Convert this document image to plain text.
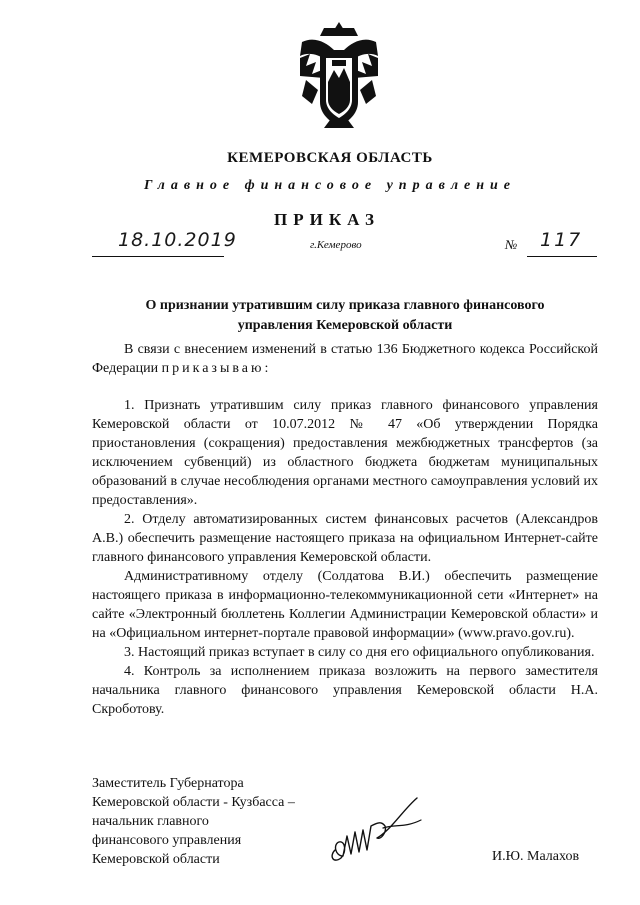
КЕМЕРОВСКАЯ ОБЛАСТЬ
Главное финансовое управление
ПРИКАЗ
18.10.2019	г.Кемерово	№ 117
О признании утратившим силу приказа главного финансового
управления Кемеровской области

В связи с внесением изменений в статью 136 Бюджетного кодекса Российской Федерации приказываю:

1. Признать утратившим силу приказ главного финансового управления Кемеровской области от 10.07.2012 № 47 «Об утверждении Порядка приостановления (сокращения) предоставления межбюджетных трансфертов (за исключением субвенций) из областного бюджета бюджетам муниципальных образований в случае несоблюдения органами местного самоуправления условий их предоставления».

2. Отделу автоматизированных систем финансовых расчетов (Александров А.В.) обеспечить размещение настоящего приказа на официальном Интернет-сайте главного финансового управления Кемеровской области.

Административному отделу (Солдатова В.И.) обеспечить размещение настоящего приказа в информационно-телекоммуникационной сети «Интернет» на сайте «Электронный бюллетень Коллегии Администрации Кемеровской области» и на «Официальном интернет-портале правовой информации» (www.pravo.gov.ru).

3. Настоящий приказ вступает в силу со дня его официального опубликования.

4. Контроль за исполнением приказа возложить на первого заместителя начальника главного финансового управления Кемеровской области Н.А. Скроботову.

Заместитель Губернатора
Кемеровской области - Кузбасса –
начальник главного
финансового управления
Кемеровской области	И.Ю. Малахов
